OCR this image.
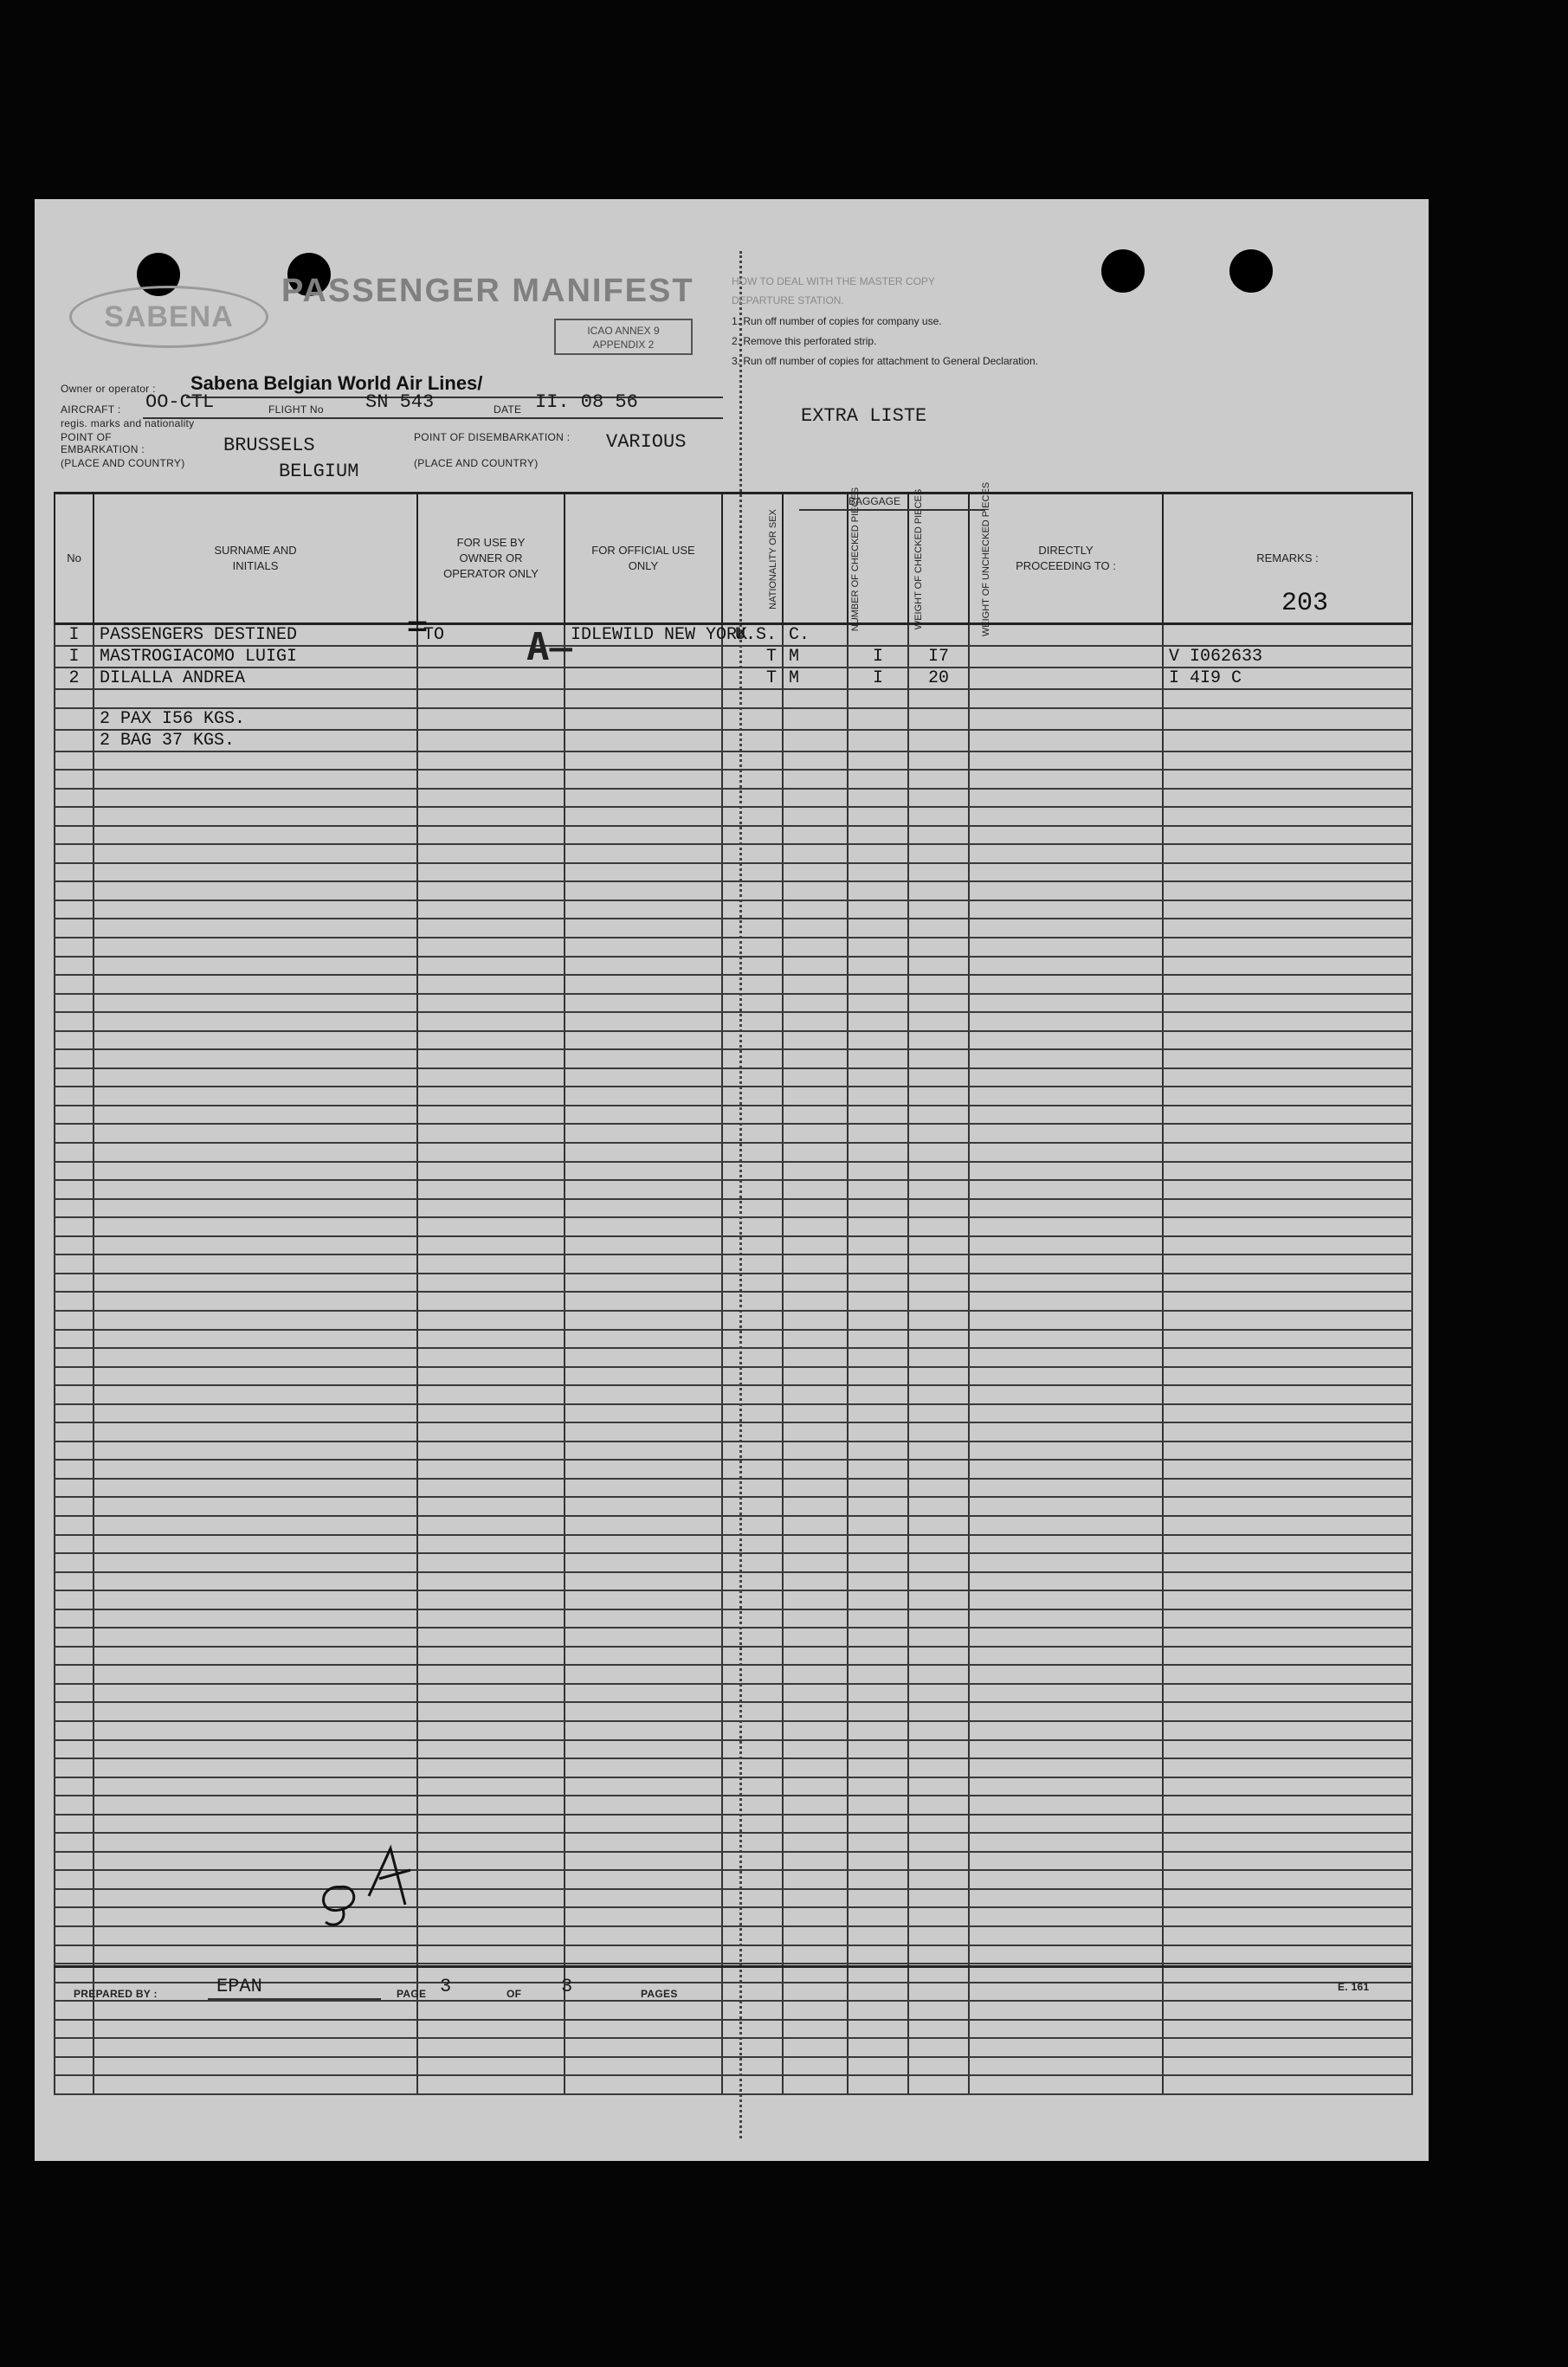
SABENA
PASSENGER MANIFEST
ICAO ANNEX 9
APPENDIX 2
Owner or operator : Sabena Belgian World Air Lines/
AIRCRAFT : OO-CTL	FLIGHT No SN 543	DATE II. 08 56
regis. marks and nationality
POINT OF EMBARKATION :
(PLACE AND COUNTRY)
BRUSSELS
BELGIUM
POINT OF DISEMBARKATION :
(PLACE AND COUNTRY)
VARIOUS
HOW TO DEAL WITH THE MASTER COPY
DEPARTURE STATION.
1. Run off number of copies for company use.
2. Remove this perforated strip.
3. Run off number of copies for attachment to General Declaration.
EXTRA LISTE
No	SURNAME AND INITIALS	FOR USE BY OWNER OR OPERATOR ONLY	FOR OFFICIAL USE ONLY	NATIONALITY OR SEX	NUMBER OF CHECKED PIECES	WEIGHT OF CHECKED PIECES	WEIGHT OF UNCHECKED PIECES	DIRECTLY PROCEEDING TO :	REMARKS :
I	PASSENGERS DESTINED	TO	IDLEWILD NEW YORK	U.S.	C.				
I	MASTROGIACOMO LUIGI			T	M	I	I7		V I062633
2	DILALLA ANDREA			T	M	I	20		I 4I9 C

	2 PAX I56 KGS.								
	2 BAG 37 KGS.								

BAGGAGE
203
=	A̶
PREPARED BY :	EPAN	PAGE 3	OF 3	PAGES
E. 161
